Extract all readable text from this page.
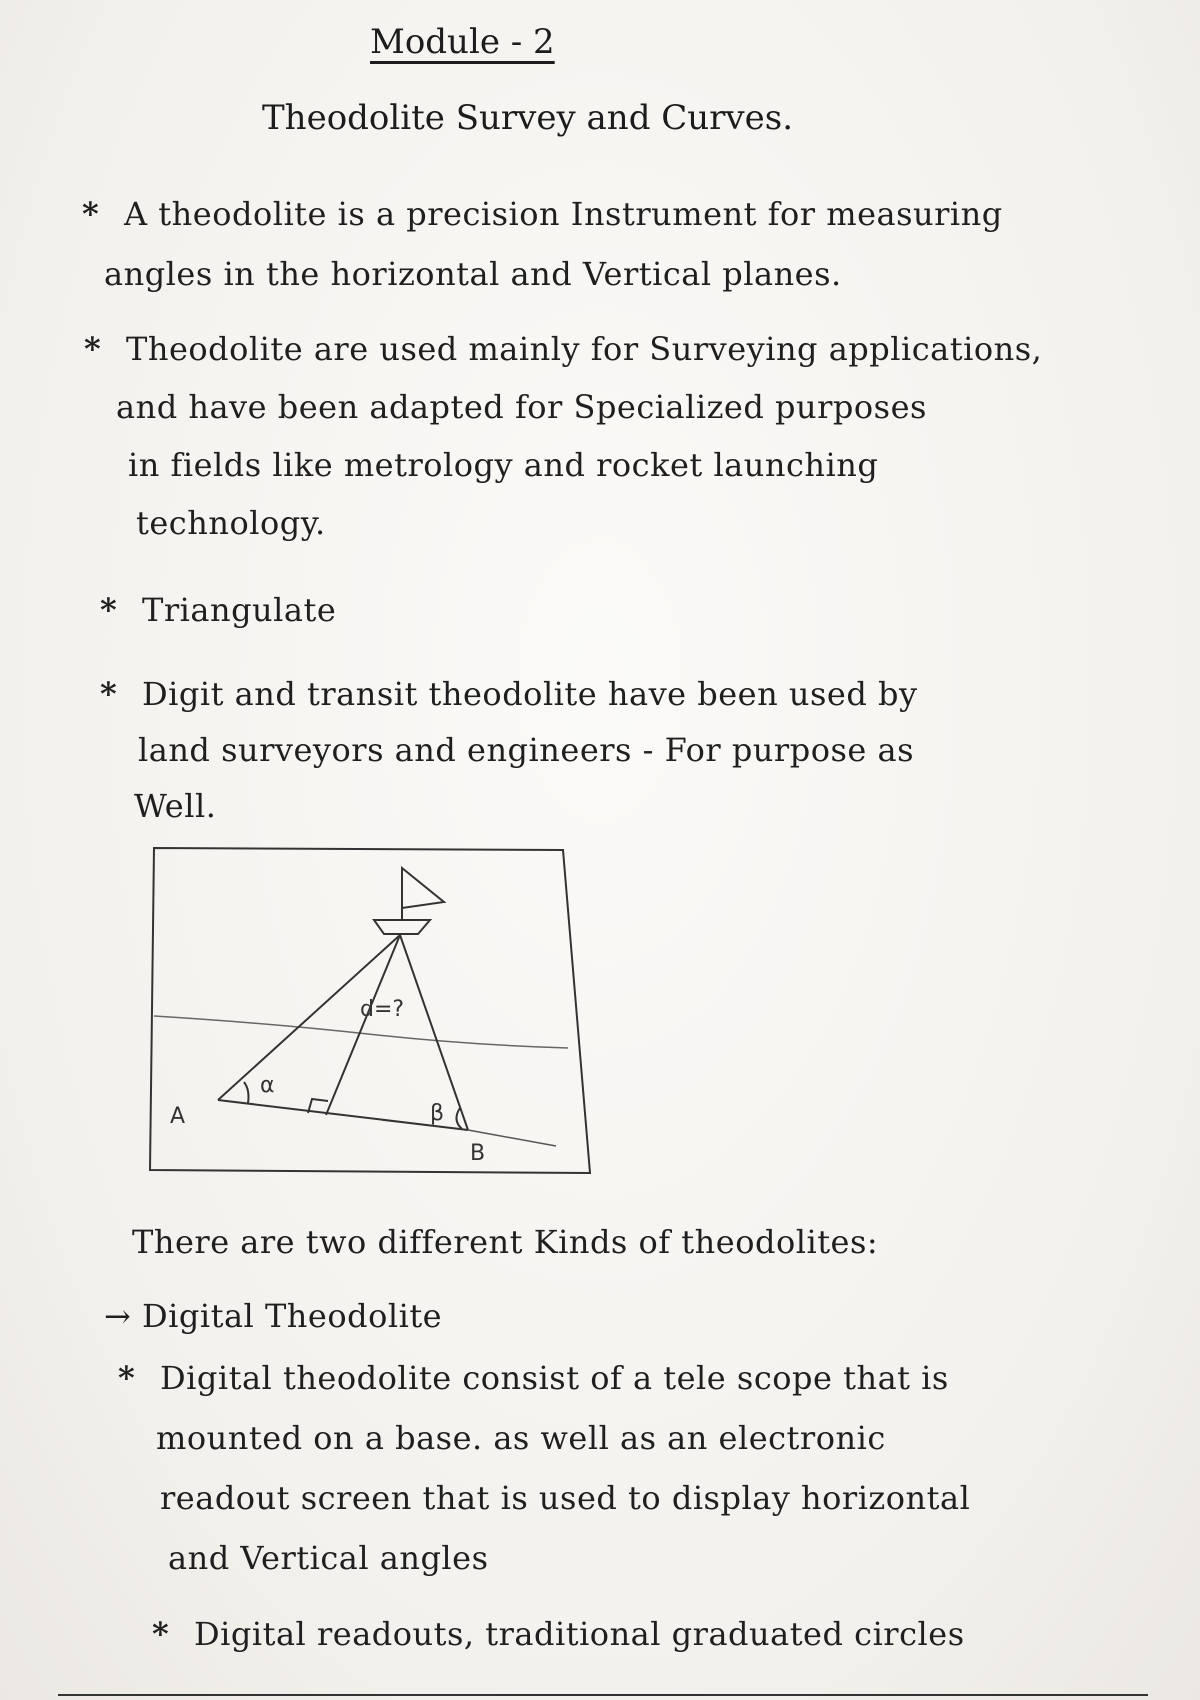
Module - 2
Theodolite Survey and Curves.
* A theodolite is a precision Instrument for measuring
angles in the horizontal and Vertical planes.
* Theodolite are used mainly for Surveying applications,
and have been adapted for Specialized purposes
in fields like metrology and rocket launching
technology.
* Triangulate
* Digit and transit theodolite have been used by
land surveyors and engineers - For purpose as
Well.
A
B
α
β
d=?
There are two different Kinds of theodolites:
→ Digital Theodolite
* Digital theodolite consist of a tele scope that is
mounted on a base. as well as an electronic
readout screen that is used to display horizontal
and Vertical angles
* Digital readouts, traditional graduated circles
